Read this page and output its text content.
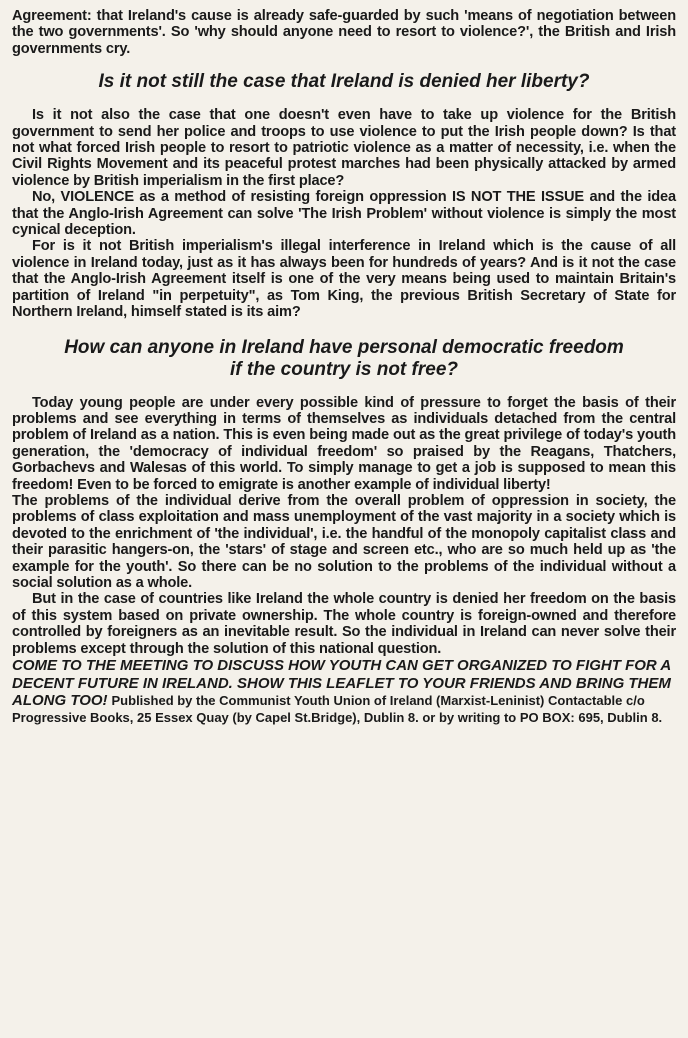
Agreement: that Ireland's cause is already safe-guarded by such 'means of negotiation between the two governments'. So 'why should anyone need to resort to violence?', the British and Irish governments cry.

Is it not still the case that Ireland is denied her liberty?

Is it not also the case that one doesn't even have to take up violence for the British government to send her police and troops to use violence to put the Irish people down? Is that not what forced Irish people to resort to patriotic violence as a matter of necessity, i.e. when the Civil Rights Movement and its peaceful protest marches had been physically attacked by armed violence by British imperialism in the first place?

No, VIOLENCE as a method of resisting foreign oppression IS NOT THE ISSUE and the idea that the Anglo-Irish Agreement can solve 'The Irish Problem' without violence is simply the most cynical deception.

For is it not British imperialism's illegal interference in Ireland which is the cause of all violence in Ireland today, just as it has always been for hundreds of years? And is it not the case that the Anglo-Irish Agreement itself is one of the very means being used to maintain Britain's partition of Ireland "in perpetuity", as Tom King, the previous British Secretary of State for Northern Ireland, himself stated is its aim?

How can anyone in Ireland have personal democratic freedom
if the country is not free?

Today young people are under every possible kind of pressure to forget the basis of their problems and see everything in terms of themselves as individuals detached from the central problem of Ireland as a nation. This is even being made out as the great privilege of today's youth generation, the 'democracy of individual freedom' so praised by the Reagans, Thatchers, Gorbachevs and Walesas of this world. To simply manage to get a job is supposed to mean this freedom! Even to be forced to emigrate is another example of individual liberty!

The problems of the individual derive from the overall problem of oppression in society, the problems of class exploitation and mass unemployment of the vast majority in a society which is devoted to the enrichment of 'the individual', i.e. the handful of the monopoly capitalist class and their parasitic hangers-on, the 'stars' of stage and screen etc., who are so much held up as 'the example for the youth'. So there can be no solution to the problems of the individual without a social solution as a whole.

But in the case of countries like Ireland the whole country is denied her freedom on the basis of this system based on private ownership. The whole country is foreign-owned and therefore controlled by foreigners as an inevitable result. So the individual in Ireland can never solve their problems except through the solution of this national question.

COME TO THE MEETING TO DISCUSS HOW YOUTH CAN GET ORGANIZED TO FIGHT FOR A DECENT FUTURE IN IRELAND. SHOW THIS LEAFLET TO YOUR FRIENDS AND BRING THEM ALONG TOO! Published by the Communist Youth Union of Ireland (Marxist-Leninist) Contactable c/o Progressive Books, 25 Essex Quay (by Capel St.Bridge), Dublin 8. or by writing to PO BOX: 695, Dublin 8.
